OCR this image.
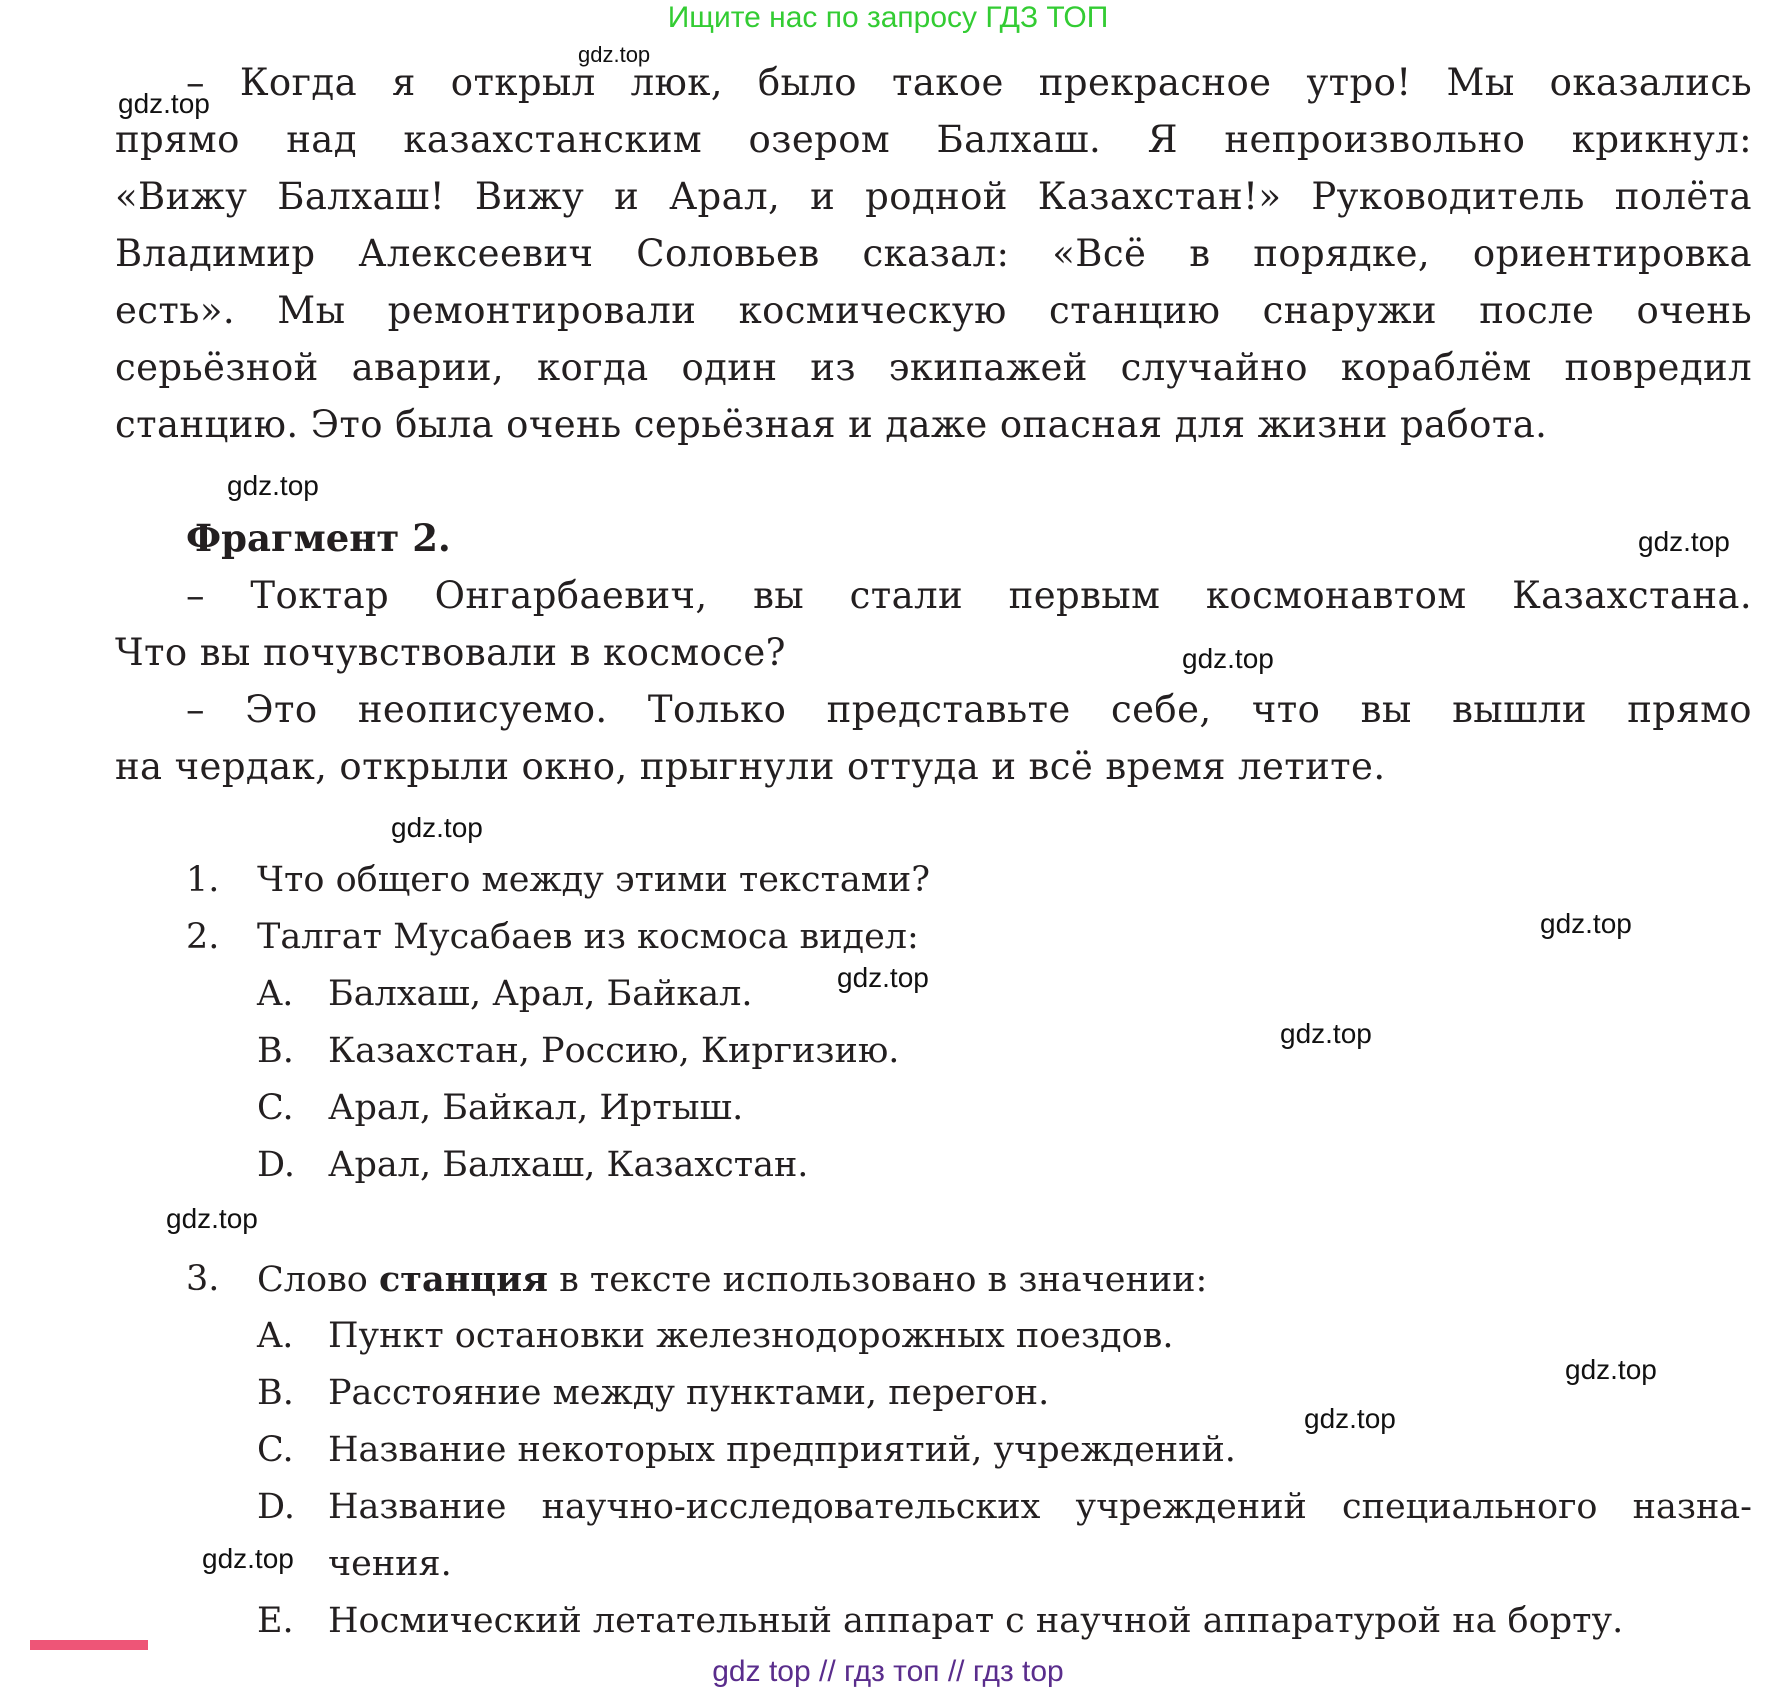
Ищите нас по запросу ГДЗ ТОП
– Когда я открыл люк, было такое прекрасное утро! Мы оказались
прямо над казахстанским озером Балхаш. Я непроизвольно крикнул:
«Вижу Балхаш! Вижу и Арал, и родной Казахстан!» Руководитель полёта
Владимир Алексеевич Соловьев сказал: «Всё в порядке, ориентировка
есть». Мы ремонтировали космическую станцию снаружи после очень
серьёзной аварии, когда один из экипажей случайно кораблём повредил
станцию. Это была очень серьёзная и даже опасная для жизни работа.
Фрагмент 2.
– Токтар Онгарбаевич, вы стали первым космонавтом Казахстана.
Что вы почувствовали в космосе?
– Это неописуемо. Только представьте себе, что вы вышли прямо
на чердак, открыли окно, прыгнули оттуда и всё время летите.
1. Что общего между этими текстами?
2. Талгат Мусабаев из космоса видел:
A. Балхаш, Арал, Байкал.
B. Казахстан, Россию, Киргизию.
C. Арал, Байкал, Иртыш.
D. Арал, Балхаш, Казахстан.
3. Слово станция в тексте использовано в значении:
A. Пункт остановки железнодорожных поездов.
B. Расстояние между пунктами, перегон.
C. Название некоторых предприятий, учреждений.
D. Название научно-исследовательских учреждений специального назна-
чения.
E. Носмический летательный аппарат с научной аппаратурой на борту.
gdz.top
gdz.top
gdz.top
gdz.top
gdz.top
gdz.top
gdz.top
gdz.top
gdz.top
gdz.top
gdz.top
gdz.top
gdz.top
gdz top // гдз топ // гдз top
